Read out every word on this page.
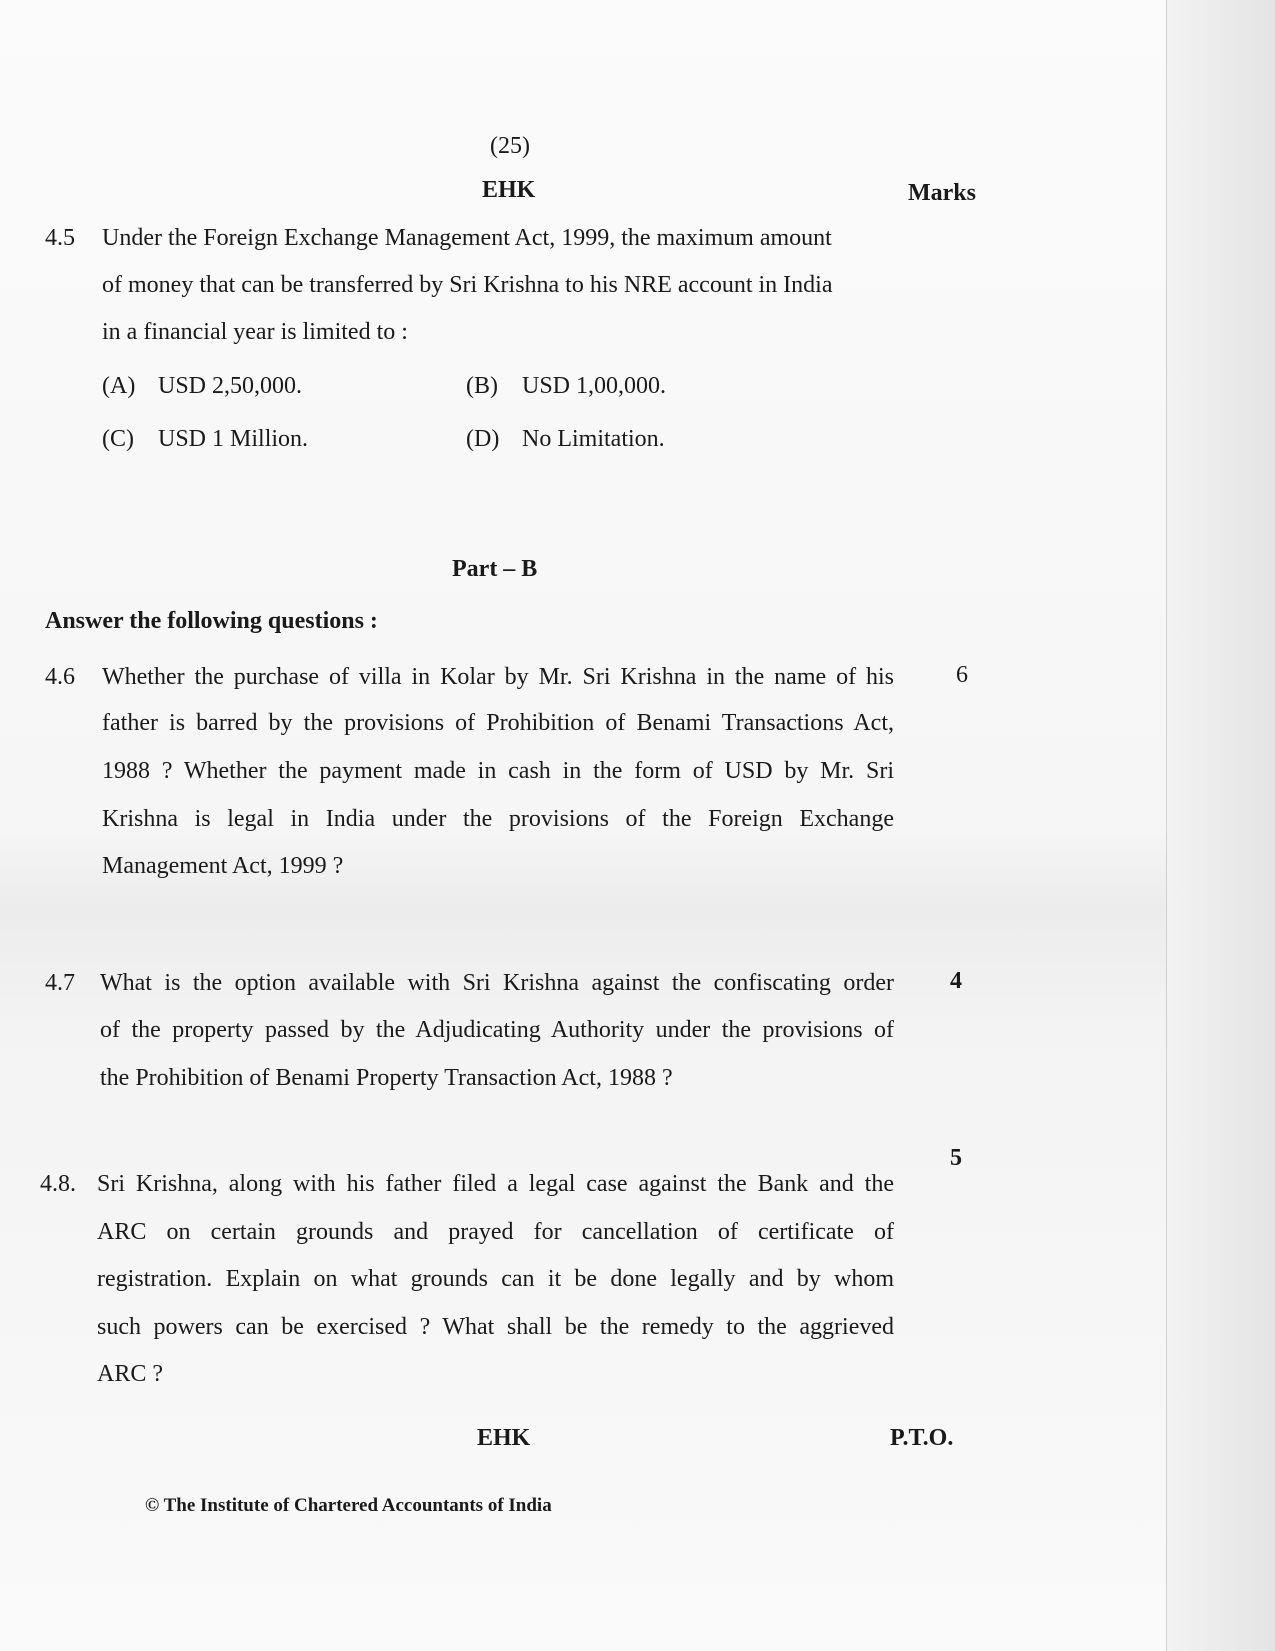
(25)
EHK	Marks
4.5 Under the Foreign Exchange Management Act, 1999, the maximum amount
of money that can be transferred by Sri Krishna to his NRE account in India
in a financial year is limited to :
(A) USD 2,50,000.	(B) USD 1,00,000.
(C) USD 1 Million.	(D) No Limitation.
Part – B
Answer the following questions :
4.6	6
Whether the purchase of villa in Kolar by Mr. Sri Krishna in the name of his
father is barred by the provisions of Prohibition of Benami Transactions Act,
1988 ? Whether the payment made in cash in the form of USD by Mr. Sri
Krishna is legal in India under the provisions of the Foreign Exchange
Management Act, 1999 ?
4.7	4
What is the option available with Sri Krishna against the confiscating order
of the property passed by the Adjudicating Authority under the provisions of
the Prohibition of Benami Property Transaction Act, 1988 ?
5
4.8. Sri Krishna, along with his father filed a legal case against the Bank and the
ARC on certain grounds and prayed for cancellation of certificate of
registration. Explain on what grounds can it be done legally and by whom
such powers can be exercised ? What shall be the remedy to the aggrieved
ARC ?
EHK	P.T.O.
© The Institute of Chartered Accountants of India
